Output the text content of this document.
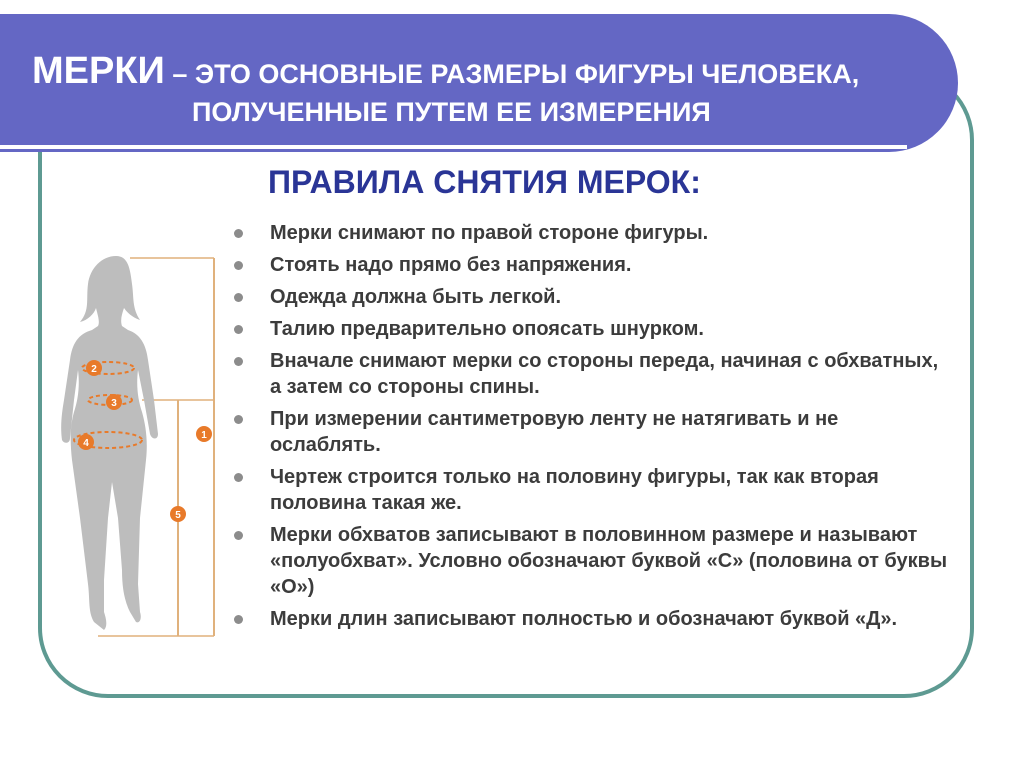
МЕРКИ – ЭТО ОСНОВНЫЕ РАЗМЕРЫ ФИГУРЫ ЧЕЛОВЕКА,
ПОЛУЧЕННЫЕ ПУТЕМ ЕЕ ИЗМЕРЕНИЯ
ПРАВИЛА СНЯТИЯ МЕРОК:
Мерки снимают по правой стороне фигуры.
Стоять надо прямо без напряжения.
Одежда должна быть легкой.
Талию предварительно опоясать шнурком.
Вначале снимают мерки со стороны переда, начиная с обхватных, а затем со стороны спины.
При измерении сантиметровую ленту не натягивать и не ослаблять.
Чертеж строится только на половину фигуры, так как вторая половина такая же.
Мерки обхватов записывают в половинном размере и называют «полуобхват». Условно обозначают буквой «С» (половина от буквы «О»)
Мерки длин записывают полностью и обозначают буквой «Д».
2
3
4
1
5
